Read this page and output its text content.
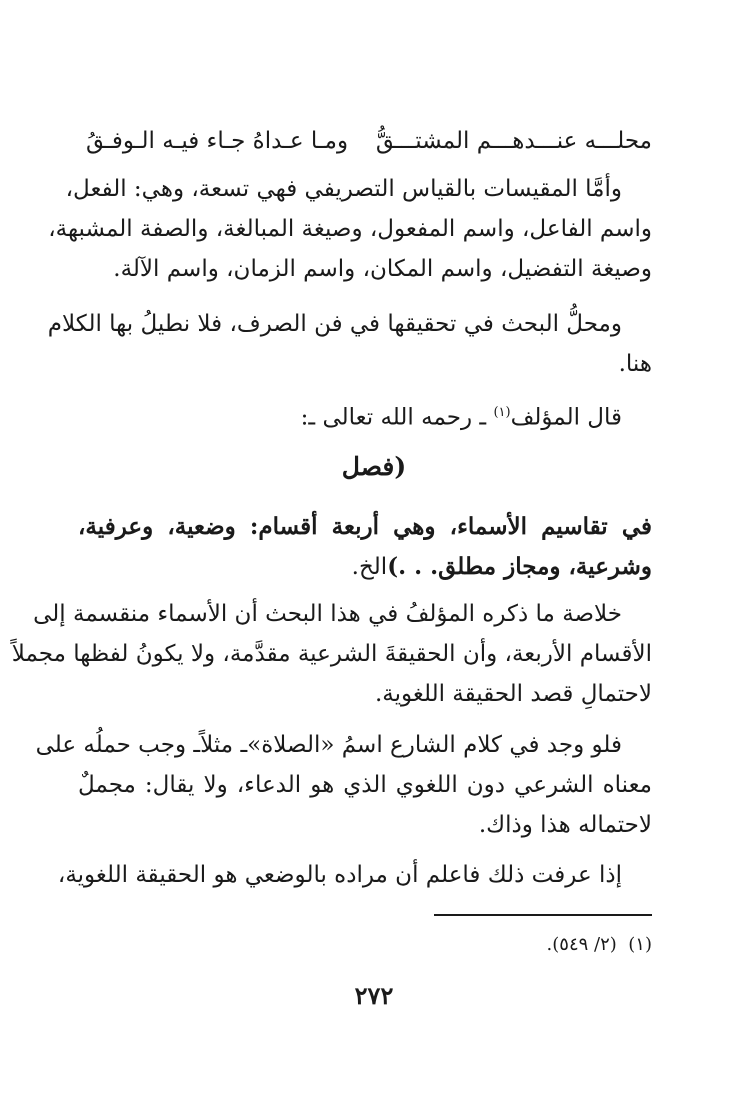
محلـــه عنـــدهـــم المشتـــقُّ
ومـا عـداهُ جـاء فيـه الـوفـقُ
وأمَّا المقيسات بالقياس التصريفي فهي تسعة، وهي: الفعل،
واسم الفاعل، واسم المفعول، وصيغة المبالغة، والصفة المشبهة،
وصيغة التفضيل، واسم المكان، واسم الزمان، واسم الآلة.
ومحلُّ البحث في تحقيقها في فن الصرف، فلا نطيلُ بها الكلام
هنا.
قال المؤلف$^{(١)}$ ـ رحمه الله تعالى ـ:
(فصل
في تقاسيم الأسماء، وهي أربعة أقسام: وضعية، وعرفية،
وشرعية، ومجاز مطلق. . .)الخ.
خلاصة ما ذكره المؤلفُ في هذا البحث أن الأسماء منقسمة إلى
الأقسام الأربعة، وأن الحقيقةَ الشرعية مقدَّمة، ولا يكونُ لفظها مجملاً
لاحتمالِ قصد الحقيقة اللغوية.
فلو وجد في كلام الشارع اسمُ «الصلاة»ـ مثلاًـ وجب حملُه على
معناه الشرعي دون اللغوي الذي هو الدعاء، ولا يقال: مجملٌ
لاحتماله هذا وذاك.
إذا عرفت ذلك فاعلم أن مراده بالوضعي هو الحقيقة اللغوية،
(١)  (٢/ ٥٤٩).
٢٧٢
